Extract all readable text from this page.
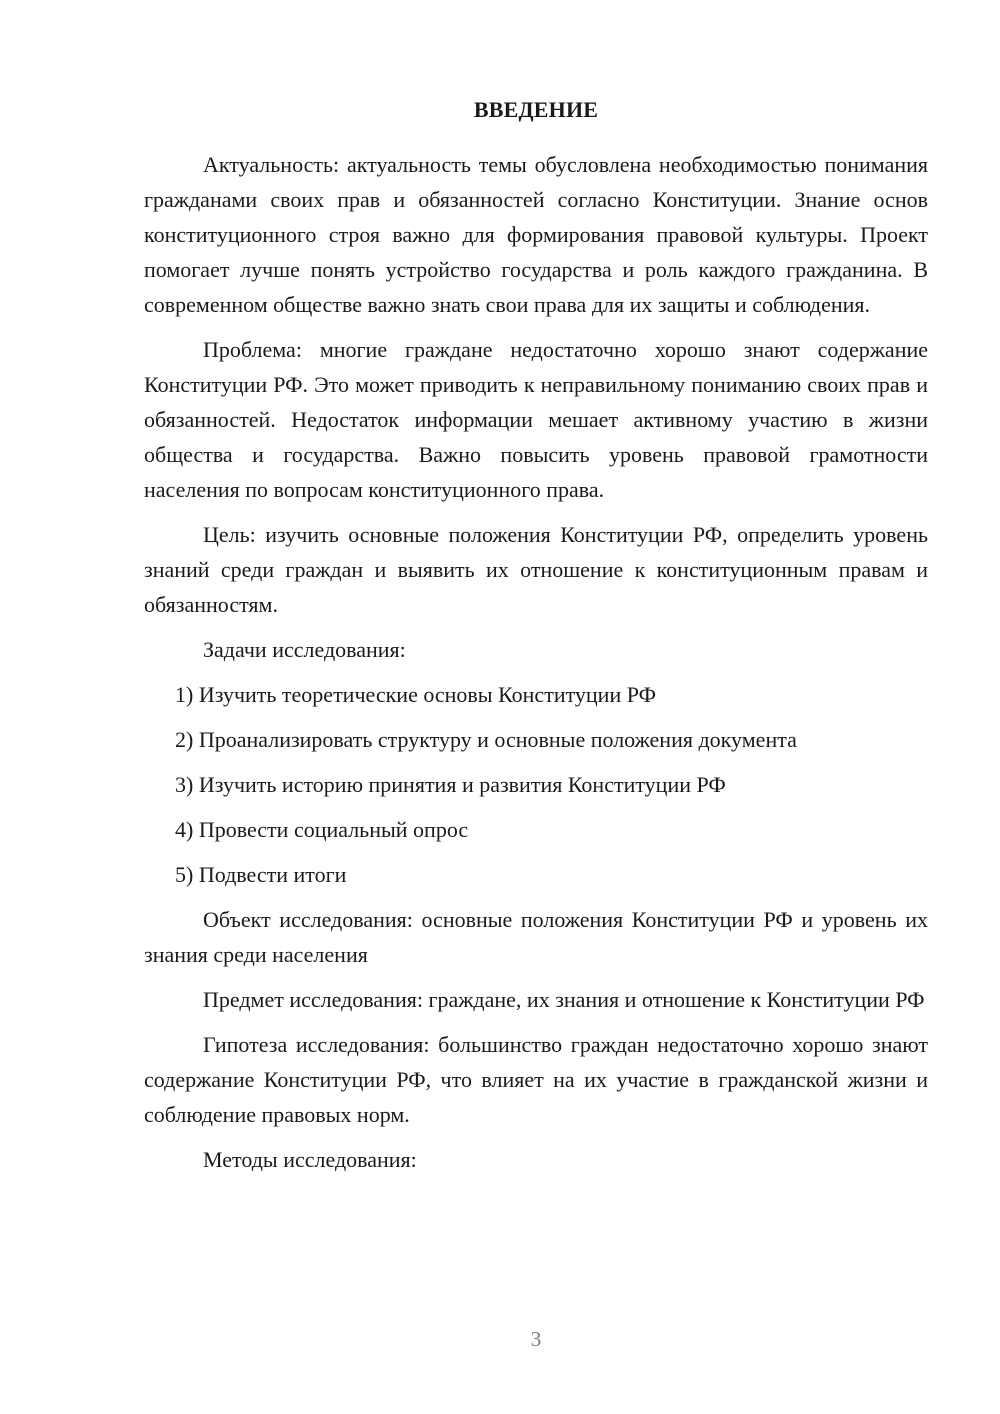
ВВЕДЕНИЕ

Актуальность: актуальность темы обусловлена необходимостью понимания гражданами своих прав и обязанностей согласно Конституции. Знание основ конституционного строя важно для формирования правовой культуры. Проект помогает лучше понять устройство государства и роль каждого гражданина. В современном обществе важно знать свои права для их защиты и соблюдения.

Проблема: многие граждане недостаточно хорошо знают содержание Конституции РФ. Это может приводить к неправильному пониманию своих прав и обязанностей. Недостаток информации мешает активному участию в жизни общества и государства. Важно повысить уровень правовой грамотности населения по вопросам конституционного права.

Цель: изучить основные положения Конституции РФ, определить уровень знаний среди граждан и выявить их отношение к конституционным правам и обязанностям.

Задачи исследования:

1) Изучить теоретические основы Конституции РФ
2) Проанализировать структуру и основные положения документа
3) Изучить историю принятия и развития Конституции РФ
4) Провести социальный опрос
5) Подвести итоги

Объект исследования: основные положения Конституции РФ и уровень их знания среди населения

Предмет исследования: граждане, их знания и отношение к Конституции РФ

Гипотеза исследования: большинство граждан недостаточно хорошо знают содержание Конституции РФ, что влияет на их участие в гражданской жизни и соблюдение правовых норм.

Методы исследования:

3
